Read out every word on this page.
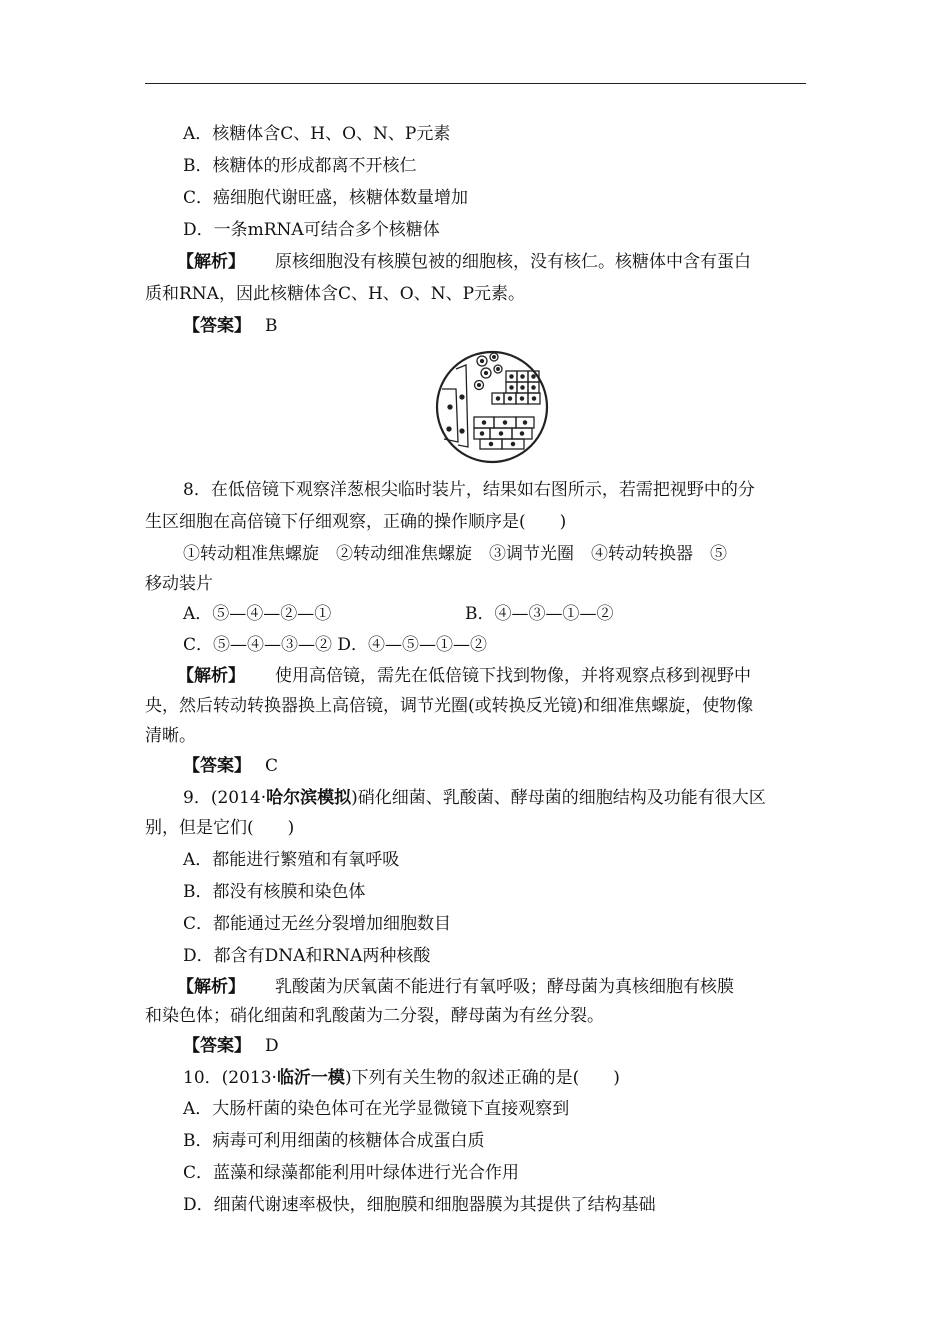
A．核糖体含C、H、O、N、P元素
B．核糖体的形成都离不开核仁
C．癌细胞代谢旺盛，核糖体数量增加
D．一条mRNA可结合多个核糖体
【解析】 原核细胞没有核膜包被的细胞核，没有核仁。核糖体中含有蛋白
质和RNA，因此核糖体含C、H、O、N、P元素。
【答案】 B
8．在低倍镜下观察洋葱根尖临时装片，结果如右图所示，若需把视野中的分
生区细胞在高倍镜下仔细观察，正确的操作顺序是(　　)
①转动粗准焦螺旋　②转动细准焦螺旋　③调节光圈　④转动转换器　⑤
移动装片
A．⑤—④—②—①	B．④—③—①—②
C．⑤—④—③—② D．④—⑤—①—②
【解析】 使用高倍镜，需先在低倍镜下找到物像，并将观察点移到视野中
央，然后转动转换器换上高倍镜，调节光圈(或转换反光镜)和细准焦螺旋，使物像
清晰。
【答案】 C
9．(2014·哈尔滨模拟)硝化细菌、乳酸菌、酵母菌的细胞结构及功能有很大区
别，但是它们(　　)
A．都能进行繁殖和有氧呼吸
B．都没有核膜和染色体
C．都能通过无丝分裂增加细胞数目
D．都含有DNA和RNA两种核酸
【解析】 乳酸菌为厌氧菌不能进行有氧呼吸；酵母菌为真核细胞有核膜
和染色体；硝化细菌和乳酸菌为二分裂，酵母菌为有丝分裂。
【答案】 D
10．(2013·临沂一模)下列有关生物的叙述正确的是(　　)
A．大肠杆菌的染色体可在光学显微镜下直接观察到
B．病毒可利用细菌的核糖体合成蛋白质
C．蓝藻和绿藻都能利用叶绿体进行光合作用
D．细菌代谢速率极快，细胞膜和细胞器膜为其提供了结构基础
